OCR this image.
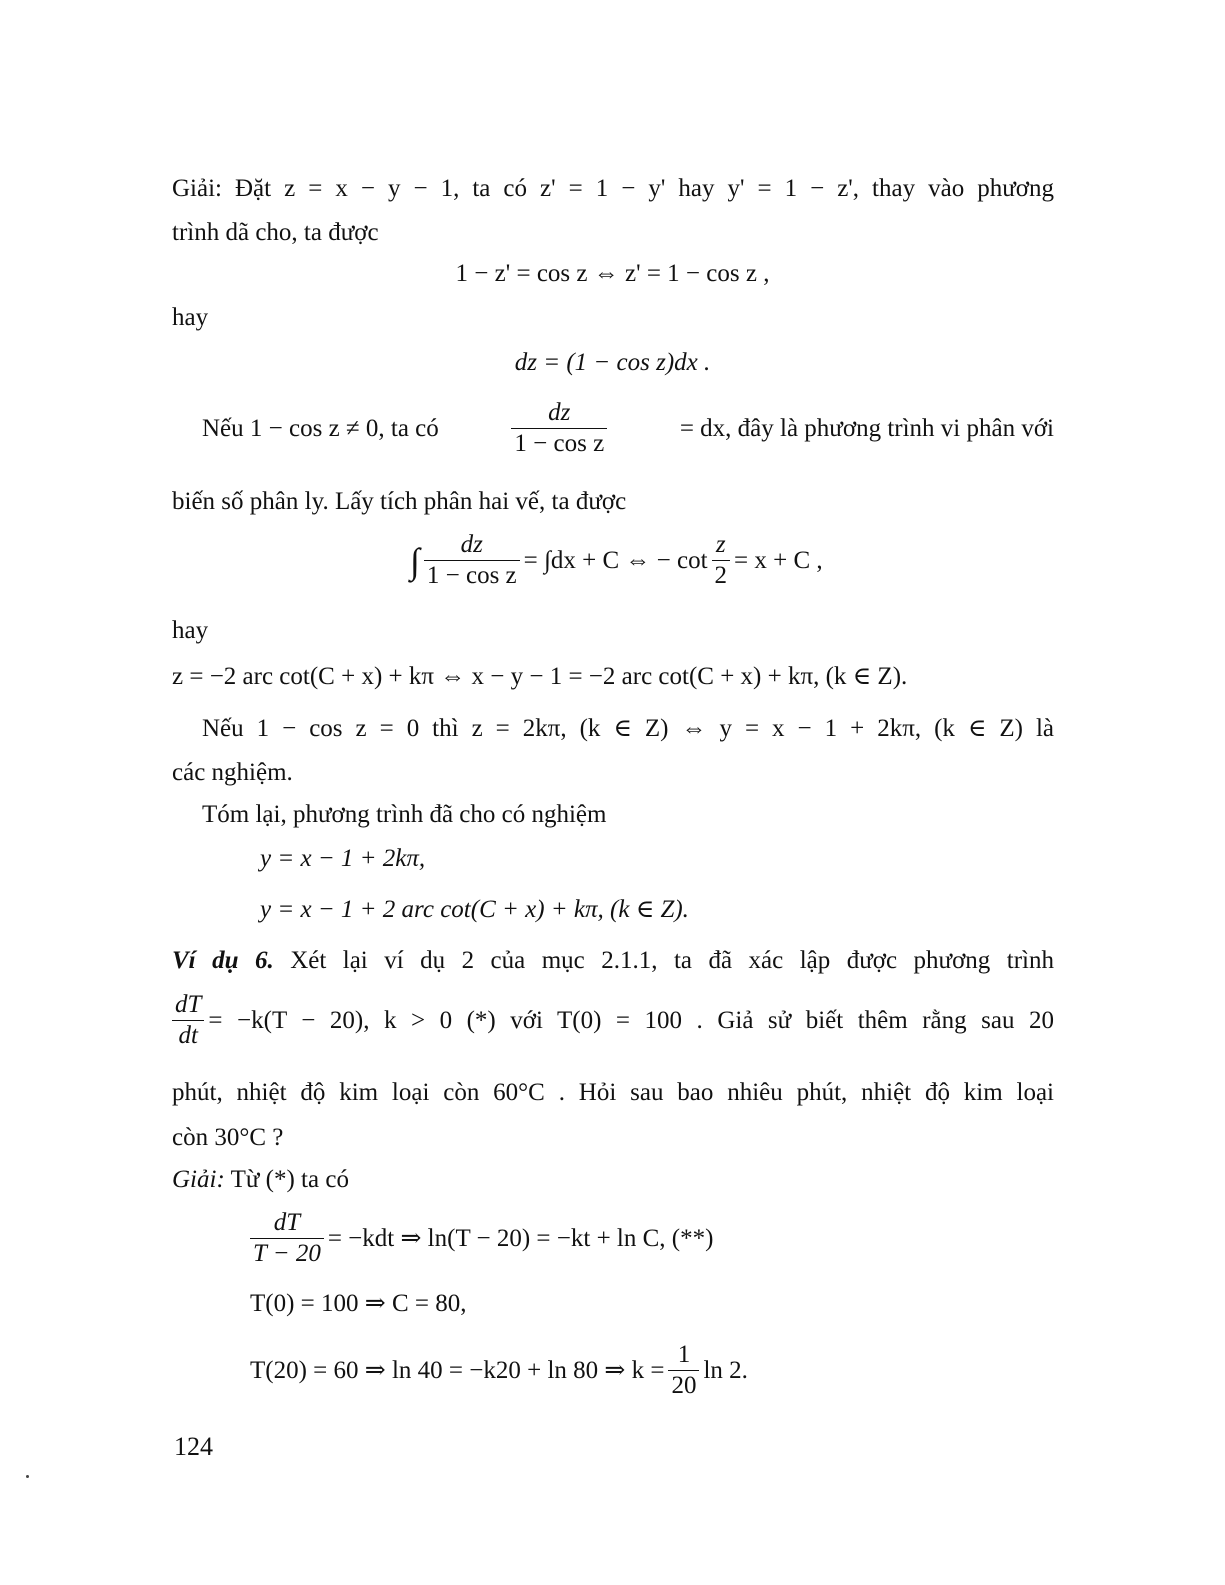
Giải: Đặt z = x − y − 1, ta có z' = 1 − y' hay y' = 1 − z', thay vào phương
trình dã cho, ta được
1 − z' = cos z ⇔ z' = 1 − cos z ,
hay
dz = (1 − cos z)dx .
Nếu 1 − cos z ≠ 0, ta có	$\frac{dz}{\text{1 − cos z}}$	= dx, đây là phương trình vi phân với
biến số phân ly. Lấy tích phân hai vế, ta được
∫ $\frac{dz}{\text{1 − cos z}} = \int dx + C$ ⇔ − $\cot \frac{z}{2} = x + C$ ,
hay
z = −2 arc cot(C + x) + kπ ⇔ x − y − 1 = −2 arc cot(C + x) + kπ, (k ∈ Z).
Nếu 1 − cos z = 0 thì z = 2kπ, (k ∈ Z) ⇔ y = x − 1 + 2kπ, (k ∈ Z) là
các nghiệm.
Tóm lại, phương trình đã cho có nghiệm
y = x − 1 + 2kπ,
y = x − 1 + 2 arc cot(C + x) + kπ, (k ∈ Z).
Ví dụ 6. Xét lại ví dụ 2 của mục 2.1.1, ta đã xác lập được phương trình
$\frac{dT}{dt} = -k(T - 20)$, k > 0 (*) với T(0) = 100 . Giả sử biết thêm rằng sau 20
phút, nhiệt độ kim loại còn 60°C . Hỏi sau bao nhiêu phút, nhiệt độ kim loại
còn 30°C ?
Giải: Từ (*) ta có
$\frac{dT}{T - 20} = -kdt$ ⇒ ln(T − 20) = −kt + ln C, (**)
T(0) = 100 ⇒ C = 80,
T(20) = 60 ⇒ ln 40 = −k20 + ln 80 ⇒ $k = \frac{1}{20}$ ln 2.
124
